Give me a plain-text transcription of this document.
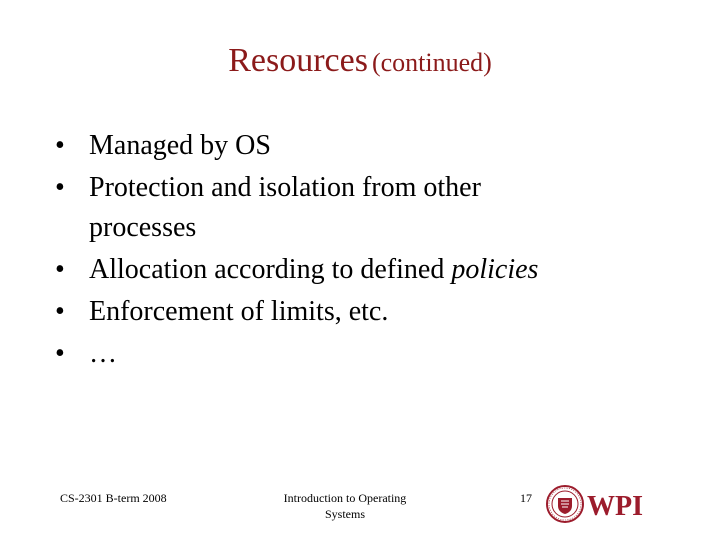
Resources (continued)
• Managed by OS
• Protection and isolation from other
processes
• Allocation according to defined policies
• Enforcement of limits, etc.
• …
CS-2301 B-term 2008	Introduction to Operating
Systems
17 WPI
